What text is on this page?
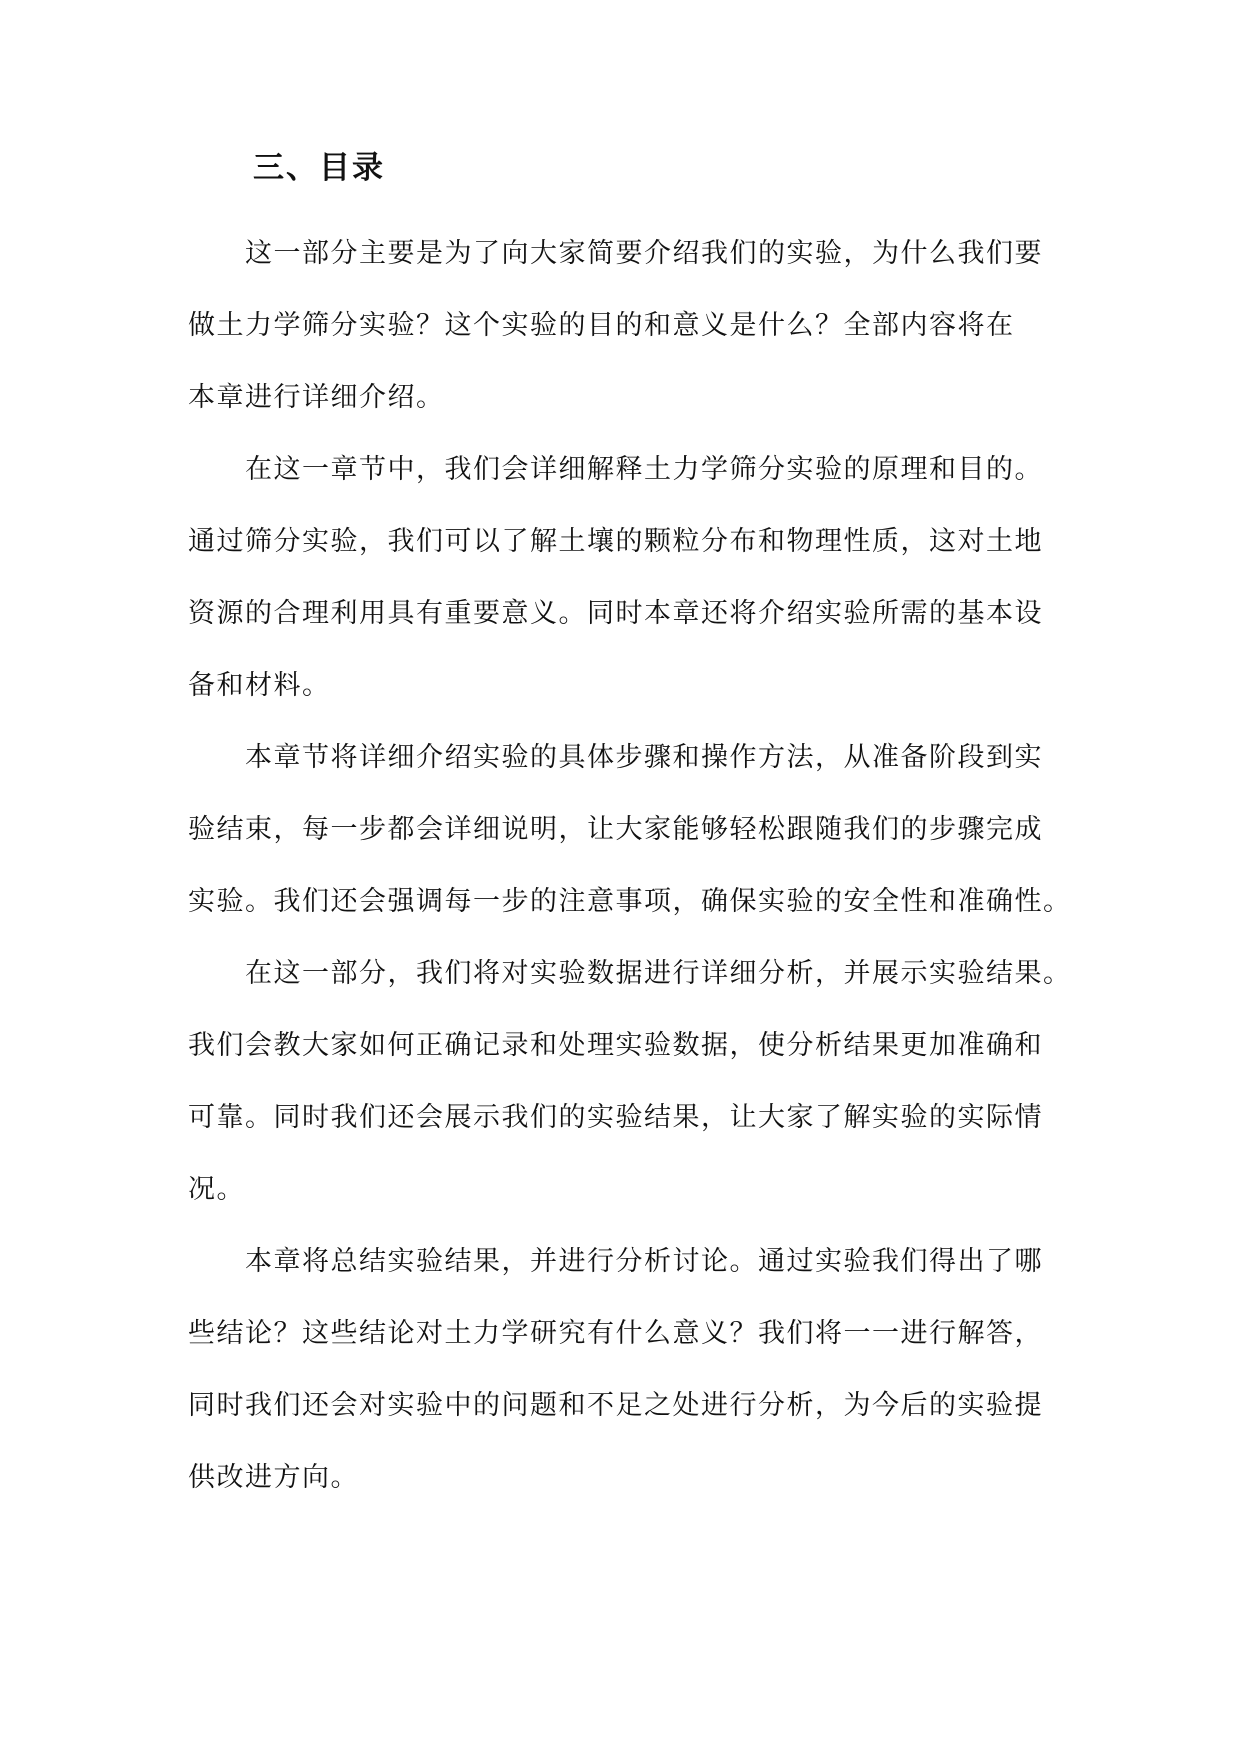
三、目录

这一部分主要是为了向大家简要介绍我们的实验，为什么我们要

做土力学筛分实验？这个实验的目的和意义是什么？全部内容将在

本章进行详细介绍。

在这一章节中，我们会详细解释土力学筛分实验的原理和目的。

通过筛分实验，我们可以了解土壤的颗粒分布和物理性质，这对土地

资源的合理利用具有重要意义。同时本章还将介绍实验所需的基本设

备和材料。

本章节将详细介绍实验的具体步骤和操作方法，从准备阶段到实

验结束，每一步都会详细说明，让大家能够轻松跟随我们的步骤完成

实验。我们还会强调每一步的注意事项，确保实验的安全性和准确性。

在这一部分，我们将对实验数据进行详细分析，并展示实验结果。

我们会教大家如何正确记录和处理实验数据，使分析结果更加准确和

可靠。同时我们还会展示我们的实验结果，让大家了解实验的实际情

况。

本章将总结实验结果，并进行分析讨论。通过实验我们得出了哪

些结论？这些结论对土力学研究有什么意义？我们将一一进行解答，

同时我们还会对实验中的问题和不足之处进行分析，为今后的实验提

供改进方向。
